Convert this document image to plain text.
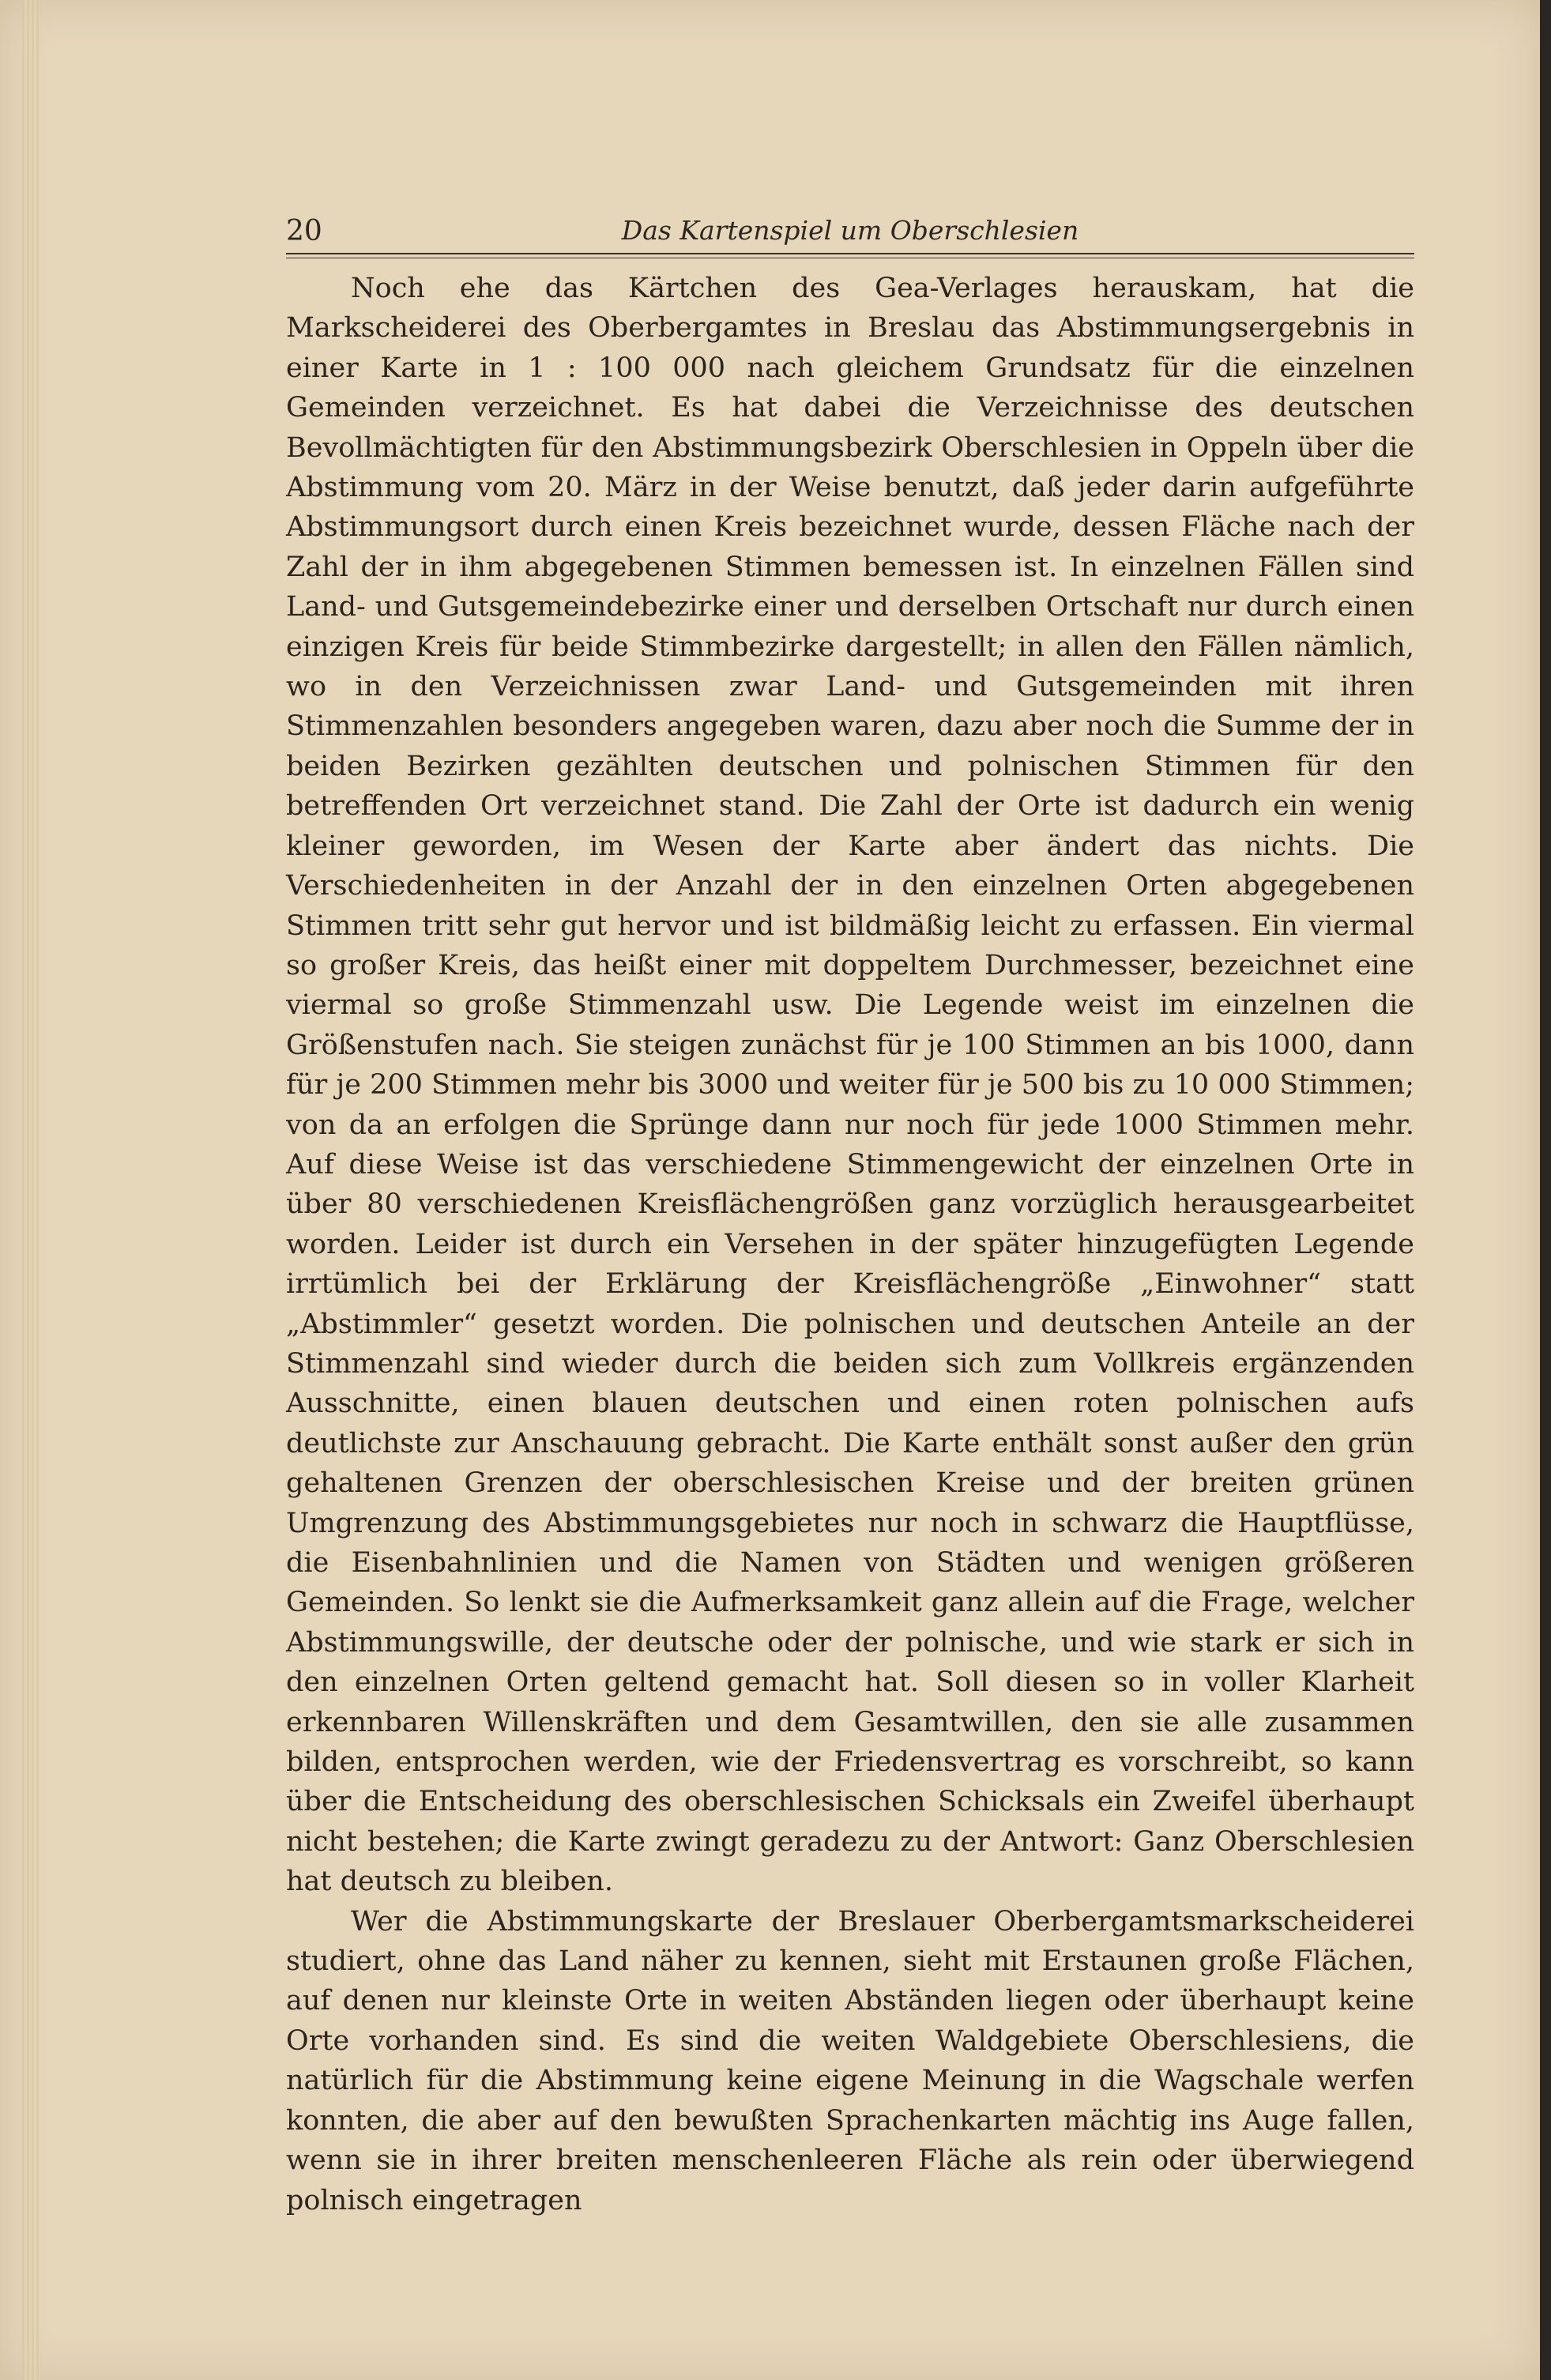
20	Das Kartenspiel um Oberschlesien

Noch ehe das Kärtchen des Gea-Verlages herauskam, hat die Markscheiderei des Oberbergamtes in Breslau das Abstimmungsergebnis in einer Karte in 1 : 100 000 nach gleichem Grundsatz für die einzelnen Gemeinden verzeichnet. Es hat dabei die Verzeichnisse des deutschen Bevollmächtigten für den Abstimmungsbezirk Oberschlesien in Oppeln über die Abstimmung vom 20. März in der Weise benutzt, daß jeder darin aufgeführte Abstimmungsort durch einen Kreis bezeichnet wurde, dessen Fläche nach der Zahl der in ihm abgegebenen Stimmen bemessen ist. In einzelnen Fällen sind Land- und Gutsgemeindebezirke einer und derselben Ortschaft nur durch einen einzigen Kreis für beide Stimmbezirke dargestellt; in allen den Fällen nämlich, wo in den Verzeichnissen zwar Land- und Gutsgemeinden mit ihren Stimmenzahlen besonders angegeben waren, dazu aber noch die Summe der in beiden Bezirken gezählten deutschen und polnischen Stimmen für den betreffenden Ort verzeichnet stand. Die Zahl der Orte ist dadurch ein wenig kleiner geworden, im Wesen der Karte aber ändert das nichts. Die Verschiedenheiten in der Anzahl der in den einzelnen Orten abgegebenen Stimmen tritt sehr gut hervor und ist bildmäßig leicht zu erfassen. Ein viermal so großer Kreis, das heißt einer mit doppeltem Durchmesser, bezeichnet eine viermal so große Stimmenzahl usw. Die Legende weist im einzelnen die Größenstufen nach. Sie steigen zunächst für je 100 Stimmen an bis 1000, dann für je 200 Stimmen mehr bis 3000 und weiter für je 500 bis zu 10 000 Stimmen; von da an erfolgen die Sprünge dann nur noch für jede 1000 Stimmen mehr. Auf diese Weise ist das verschiedene Stimmengewicht der einzelnen Orte in über 80 verschiedenen Kreisflächengrößen ganz vorzüglich herausgearbeitet worden. Leider ist durch ein Versehen in der später hinzugefügten Legende irrtümlich bei der Erklärung der Kreisflächengröße „Einwohner“ statt „Abstimmler“ gesetzt worden. Die polnischen und deutschen Anteile an der Stimmenzahl sind wieder durch die beiden sich zum Vollkreis ergänzenden Ausschnitte, einen blauen deutschen und einen roten polnischen aufs deutlichste zur Anschauung gebracht. Die Karte enthält sonst außer den grün gehaltenen Grenzen der oberschlesischen Kreise und der breiten grünen Umgrenzung des Abstimmungsgebietes nur noch in schwarz die Hauptflüsse, die Eisenbahnlinien und die Namen von Städten und wenigen größeren Gemeinden. So lenkt sie die Aufmerksamkeit ganz allein auf die Frage, welcher Abstimmungswille, der deutsche oder der polnische, und wie stark er sich in den einzelnen Orten geltend gemacht hat. Soll diesen so in voller Klarheit erkennbaren Willenskräften und dem Gesamtwillen, den sie alle zusammen bilden, entsprochen werden, wie der Friedensvertrag es vorschreibt, so kann über die Entscheidung des oberschlesischen Schicksals ein Zweifel überhaupt nicht bestehen; die Karte zwingt geradezu zu der Antwort: Ganz Oberschlesien hat deutsch zu bleiben.

Wer die Abstimmungskarte der Breslauer Oberbergamtsmarkscheiderei studiert, ohne das Land näher zu kennen, sieht mit Erstaunen große Flächen, auf denen nur kleinste Orte in weiten Abständen liegen oder überhaupt keine Orte vorhanden sind. Es sind die weiten Waldgebiete Oberschlesiens, die natürlich für die Abstimmung keine eigene Meinung in die Wagschale werfen konnten, die aber auf den bewußten Sprachenkarten mächtig ins Auge fallen, wenn sie in ihrer breiten menschenleeren Fläche als rein oder überwiegend polnisch eingetragen
